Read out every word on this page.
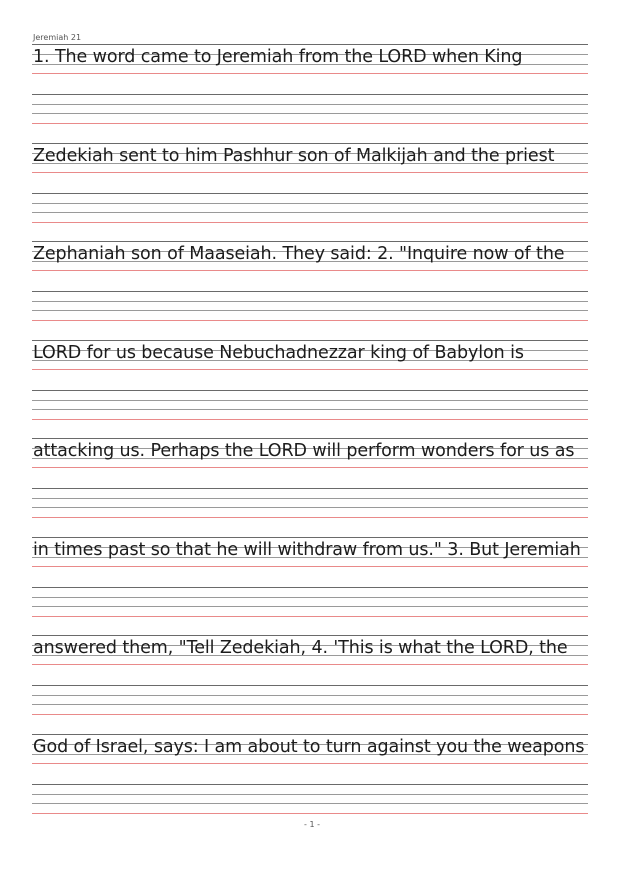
Jeremiah 21
1. The word came to Jeremiah from the LORD when King
Zedekiah sent to him Pashhur son of Malkijah and the priest
Zephaniah son of Maaseiah. They said: 2. "Inquire now of the
LORD for us because Nebuchadnezzar king of Babylon is
attacking us. Perhaps the LORD will perform wonders for us as
in times past so that he will withdraw from us." 3. But Jeremiah
answered them, "Tell Zedekiah, 4. 'This is what the LORD, the
God of Israel, says: I am about to turn against you the weapons
- 1 -
